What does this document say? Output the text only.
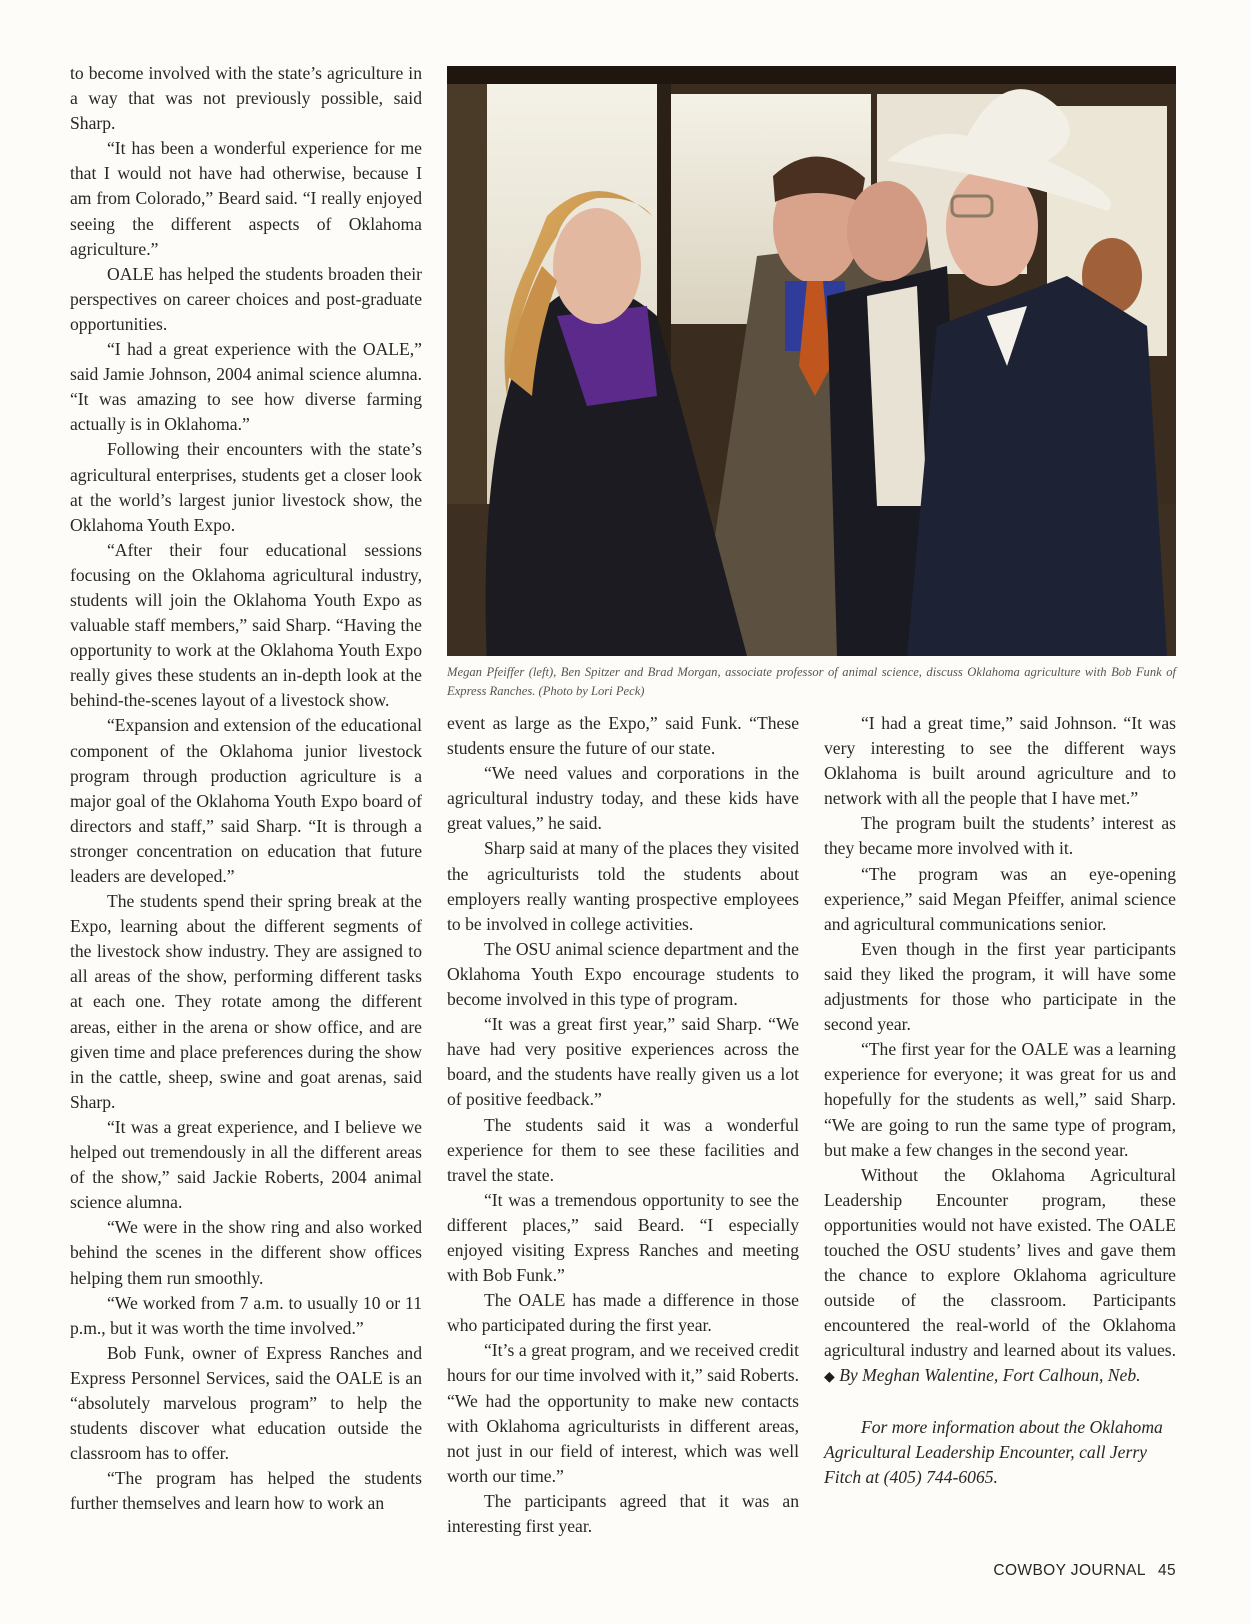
to become involved with the state’s agriculture in a way that was not previously possible, said Sharp.

“It has been a wonderful experience for me that I would not have had otherwise, because I am from Colorado,” Beard said. “I really enjoyed seeing the different aspects of Oklahoma agriculture.”

OALE has helped the students broaden their perspectives on career choices and post-graduate opportunities.

“I had a great experience with the OALE,” said Jamie Johnson, 2004 animal science alumna. “It was amazing to see how diverse farming actually is in Oklahoma.”

Following their encounters with the state’s agricultural enterprises, students get a closer look at the world’s largest junior livestock show, the Oklahoma Youth Expo.

“After their four educational sessions focusing on the Oklahoma agricultural industry, students will join the Oklahoma Youth Expo as valuable staff members,” said Sharp. “Having the opportunity to work at the Oklahoma Youth Expo really gives these students an in-depth look at the behind-the-scenes layout of a livestock show.

“Expansion and extension of the educational component of the Oklahoma junior livestock program through production agriculture is a major goal of the Oklahoma Youth Expo board of directors and staff,” said Sharp. “It is through a stronger concentration on education that future leaders are developed.”

The students spend their spring break at the Expo, learning about the different segments of the livestock show industry. They are assigned to all areas of the show, performing different tasks at each one. They rotate among the different areas, either in the arena or show office, and are given time and place preferences during the show in the cattle, sheep, swine and goat arenas, said Sharp.

“It was a great experience, and I believe we helped out tremendously in all the different areas of the show,” said Jackie Roberts, 2004 animal science alumna.

“We were in the show ring and also worked behind the scenes in the different show offices helping them run smoothly.

“We worked from 7 a.m. to usually 10 or 11 p.m., but it was worth the time involved.”

Bob Funk, owner of Express Ranches and Express Personnel Services, said the OALE is an “absolutely marvelous program” to help the students discover what education outside the classroom has to offer.

“The program has helped the students further themselves and learn how to work an

Megan Pfeiffer (left), Ben Spitzer and Brad Morgan, associate professor of animal science, discuss Oklahoma agriculture with Bob Funk of Express Ranches. (Photo by Lori Peck)

event as large as the Expo,” said Funk. “These students ensure the future of our state.

“We need values and corporations in the agricultural industry today, and these kids have great values,” he said.

Sharp said at many of the places they visited the agriculturists told the students about employers really wanting prospective employees to be involved in college activities.

The OSU animal science department and the Oklahoma Youth Expo encourage students to become involved in this type of program.

“It was a great first year,” said Sharp. “We have had very positive experiences across the board, and the students have really given us a lot of positive feedback.”

The students said it was a wonderful experience for them to see these facilities and travel the state.

“It was a tremendous opportunity to see the different places,” said Beard. “I especially enjoyed visiting Express Ranches and meeting with Bob Funk.”

The OALE has made a difference in those who participated during the first year.

“It’s a great program, and we received credit hours for our time involved with it,” said Roberts. “We had the opportunity to make new contacts with Oklahoma agriculturists in different areas, not just in our field of interest, which was well worth our time.”

The participants agreed that it was an interesting first year.

“I had a great time,” said Johnson. “It was very interesting to see the different ways Oklahoma is built around agriculture and to network with all the people that I have met.”

The program built the students’ interest as they became more involved with it.

“The program was an eye-opening experience,” said Megan Pfeiffer, animal science and agricultural communications senior.

Even though in the first year participants said they liked the program, it will have some adjustments for those who participate in the second year.

“The first year for the OALE was a learning experience for everyone; it was great for us and hopefully for the students as well,” said Sharp. “We are going to run the same type of program, but make a few changes in the second year.

Without the Oklahoma Agricultural Leadership Encounter program, these opportunities would not have existed. The OALE touched the OSU students’ lives and gave them the chance to explore Oklahoma agriculture outside of the classroom. Participants encountered the real-world of the Oklahoma agricultural industry and learned about its values. ◆ By Meghan Walentine, Fort Calhoun, Neb.

For more information about the Oklahoma Agricultural Leadership Encounter, call Jerry Fitch at (405) 744-6065.

COWBOY JOURNAL 45
